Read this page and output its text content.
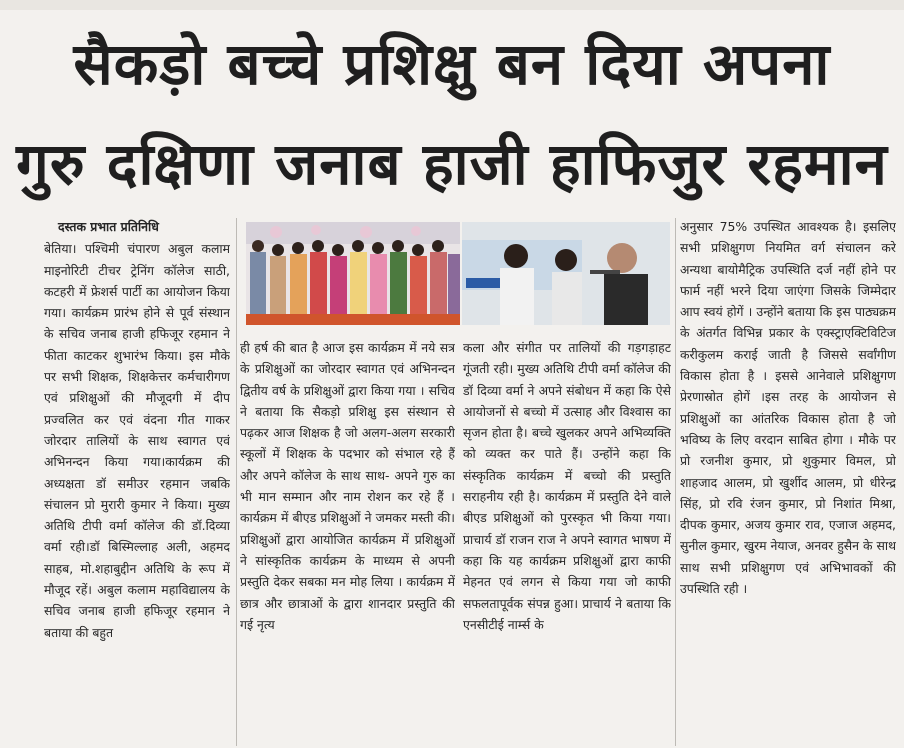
सैकड़ो बच्चे प्रशिक्षु बन दिया अपना
गुरु दक्षिणा जनाब हाजी हाफिजुर रहमान
दस्तक प्रभात प्रतिनिधि

बेतिया। पश्चिमी चंपारण अबुल कलाम माइनोरिटी टीचर ट्रेनिंग कॉलेज साठी, कटहरी में फ्रेशर्स पार्टी का आयोजन किया गया। कार्यक्रम प्रारंभ होने से पूर्व संस्थान के सचिव जनाब हाजी हफिजूर रहमान ने फीता काटकर शुभारंभ किया। इस मौके पर सभी शिक्षक, शिक्षकेत्तर कर्मचारीगण एवं प्रशिक्षुओं की मौजूदगी में दीप प्रज्वलित कर एवं वंदना गीत गाकर जोरदार तालियों के साथ स्वागत एवं अभिनन्दन किया गया।कार्यक्रम की अध्यक्षता डॉ समीउर रहमान जबकि संचालन प्रो मुरारी कुमार ने किया। मुख्य अतिथि टीपी वर्मा कॉलेज की डॉ.दिव्या वर्मा रही।डॉ बिस्मिल्लाह अली, अहमद साहब, मो.शहाबुद्दीन अतिथि के रूप में मौजूद रहें। अबुल कलाम महाविद्यालय के सचिव जनाब हाजी हफिजूर रहमान ने बताया की बहुत

ही हर्ष की बात है आज इस कार्यक्रम में नये सत्र के प्रशिक्षुओं का जोरदार स्वागत एवं अभिनन्दन द्वितीय वर्ष के प्रशिक्षुओं द्वारा किया गया । सचिव ने बताया कि सैकड़ो प्रशिक्षु इस संस्थान से पढ़कर आज शिक्षक है जो अलग-अलग सरकारी स्कूलों में शिक्षक के पदभार को संभाल रहे हैं और अपने कॉलेज के साथ साथ- अपने गुरु का भी मान सम्मान और नाम रोशन कर रहे हैं । कार्यक्रम में बीएड प्रशिक्षुओं ने जमकर मस्ती की। प्रशिक्षुओं द्वारा आयोजित कार्यक्रम में प्रशिक्षुओं ने सांस्कृतिक कार्यक्रम के माध्यम से अपनी प्रस्तुति देकर सबका मन मोह लिया । कार्यक्रम में छात्र और छात्राओं के द्वारा शानदार प्रस्तुति की गई नृत्य

कला और संगीत पर तालियों की गड़गड़ाहट गूंजती रही। मुख्य अतिथि टीपी वर्मा कॉलेज की डॉ दिव्या वर्मा ने अपने संबोधन में कहा कि ऐसे आयोजनों से बच्चो में उत्साह और विश्वास का सृजन होता है। बच्चे खुलकर अपने अभिव्यक्ति को व्यक्त कर पाते हैं। उन्होंने कहा कि संस्कृतिक कार्यक्रम में बच्चो की प्रस्तुति सराहनीय रही है। कार्यक्रम में प्रस्तुति देने वाले बीएड प्रशिक्षुओं को पुरस्कृत भी किया गया।प्राचार्य डॉ राजन राज ने अपने स्वागत भाषण में कहा कि यह कार्यक्रम प्रशिक्षुओं द्वारा काफी मेहनत एवं लगन से किया गया जो काफी सफलतापूर्वक संपन्न हुआ। प्राचार्य ने बताया कि एनसीटीई नार्म्स के

अनुसार 75% उपस्थित आवश्यक है। इसलिए सभी प्रशिक्षुगण नियमित वर्ग संचालन करे अन्यथा बायोमैट्रिक उपस्थिति दर्ज नहीं होने पर फार्म नहीं भरने दिया जाएंगा जिसके जिम्मेदार आप स्वयं होगें । उन्होंने बताया कि इस पाठ्यक्रम के अंतर्गत विभिन्न प्रकार के एक्स्ट्राएक्टिविटिज करीकुलम कराई जाती है जिससे सर्वांगीण विकास होता है । इससे आनेवाले प्रशिक्षुगण प्रेरणास्रोत होगें ।इस तरह के आयोजन से प्रशिक्षुओं का आंतरिक विकास होता है जो भविष्य के लिए वरदान साबित होगा । मौके पर प्रो रजनीश कुमार, प्रो शुकुमार विमल, प्रो शाहजाद आलम, प्रो खुर्शीद आलम, प्रो धीरेन्द्र सिंह, प्रो रवि रंजन कुमार, प्रो निशांत मिश्रा, दीपक कुमार, अजय कुमार राव, एजाज अहमद, सुनील कुमार, खुरम नेयाज, अनवर हुसैन के साथ साथ सभी प्रशिक्षुगण एवं अभिभावकों की उपस्थिति रही ।
